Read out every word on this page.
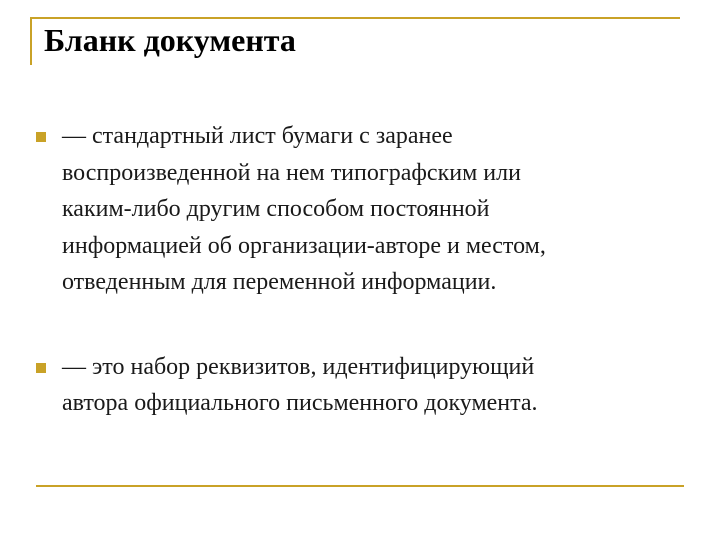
Бланк документа
— стандартный лист бумаги с заранее
воспроизведенной на нем типографским или
каким-либо другим способом постоянной
информацией об организации-авторе и местом,
отведенным для переменной информации.
— это набор реквизитов, идентифицирующий
автора официального письменного документа.
